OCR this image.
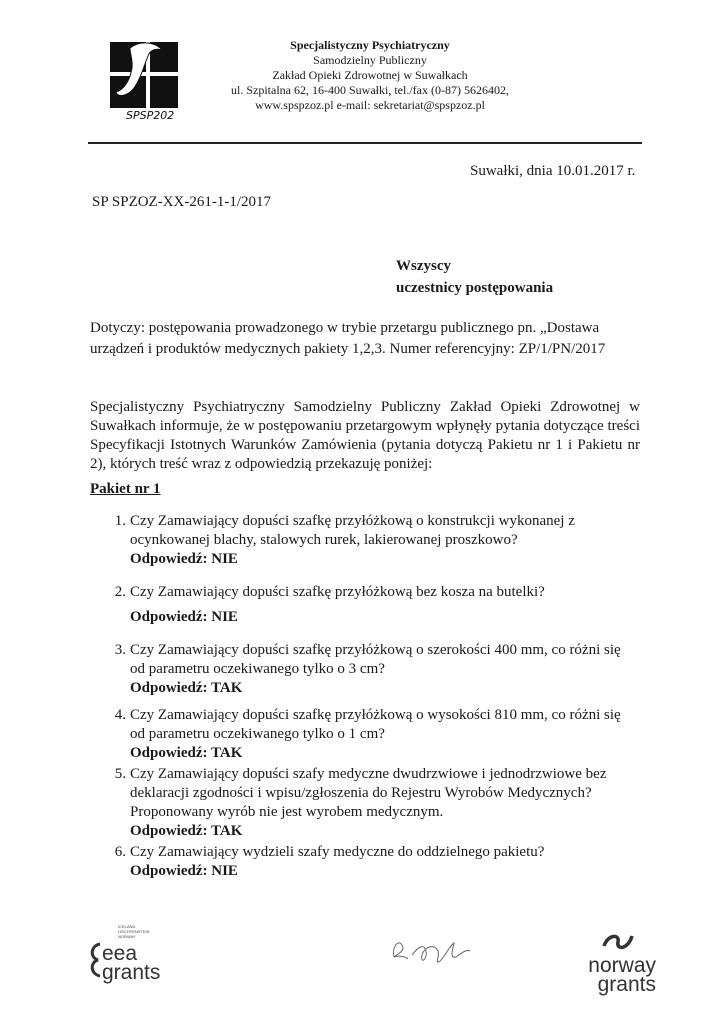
SPSP202
Specjalistyczny Psychiatryczny
Samodzielny Publiczny
Zakład Opieki Zdrowotnej w Suwałkach
ul. Szpitalna 62, 16-400 Suwałki, tel./fax (0-87) 5626402,
www.spspzoz.pl e-mail: sekretariat@spspzoz.pl
Suwałki, dnia 10.01.2017 r.
SP SPZOZ-XX-261-1-1/2017
Wszyscy
uczestnicy postępowania
Dotyczy: postępowania prowadzonego w trybie przetargu publicznego pn. „Dostawa urządzeń i produktów medycznych pakiety 1,2,3. Numer referencyjny: ZP/1/PN/2017
Specjalistyczny Psychiatryczny Samodzielny Publiczny Zakład Opieki Zdrowotnej w Suwałkach informuje, że w postępowaniu przetargowym wpłynęły pytania dotyczące treści Specyfikacji Istotnych Warunków Zamówienia (pytania dotyczą Pakietu nr 1 i Pakietu nr 2), których treść wraz z odpowiedzią przekazuję poniżej:
Pakiet nr 1
1. Czy Zamawiający dopuści szafkę przyłóżkową o konstrukcji wykonanej z ocynkowanej blachy, stalowych rurek, lakierowanej proszkowo?
Odpowiedź: NIE
2. Czy Zamawiający dopuści szafkę przyłóżkową bez kosza na butelki?
Odpowiedź: NIE
3. Czy Zamawiający dopuści szafkę przyłóżkową o szerokości 400 mm, co różni się od parametru oczekiwanego tylko o 3 cm?
Odpowiedź: TAK
4. Czy Zamawiający dopuści szafkę przyłóżkową o wysokości 810 mm, co różni się od parametru oczekiwanego tylko o 1 cm?
Odpowiedź: TAK
5. Czy Zamawiający dopuści szafy medyczne dwudrzwiowe i jednodrzwiowe bez deklaracji zgodności i wpisu/zgłoszenia do Rejestru Wyrobów Medycznych? Proponowany wyrób nie jest wyrobem medycznym.
Odpowiedź: TAK
6. Czy Zamawiający wydzieli szafy medyczne do oddzielnego pakietu?
Odpowiedź: NIE
ICELAND
LIECHTENSTEIN
NORWAY
eea
grants	norway
grants
